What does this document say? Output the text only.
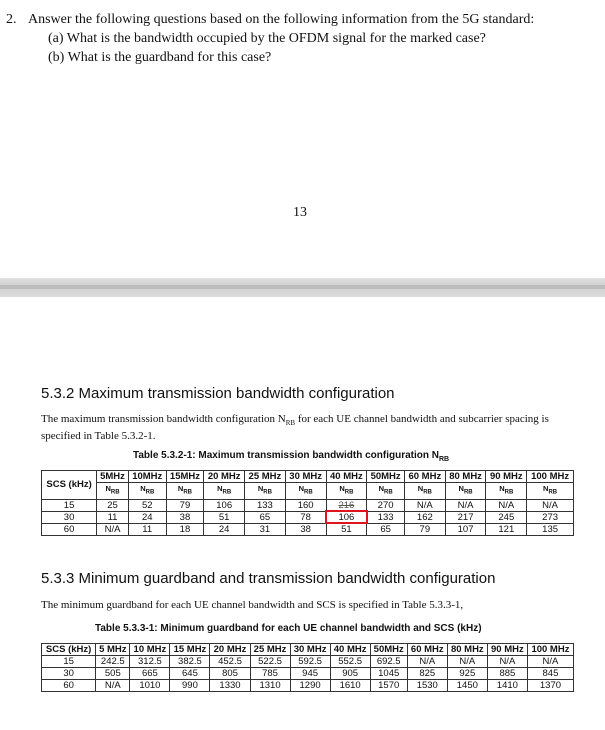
2. Answer the following questions based on the following information from the 5G standard:
(a) What is the bandwidth occupied by the OFDM signal for the marked case?
(b) What is the guardband for this case?
13
5.3.2 Maximum transmission bandwidth configuration
The maximum transmission bandwidth configuration $N_{RB}$ for each UE channel bandwidth and subcarrier spacing is specified in Table 5.3.2-1.
Table 5.3.2-1: Maximum transmission bandwidth configuration $N_{RB}$
SCS (kHz)	5MHz	10MHz	15MHz	20 MHz	25 MHz	30 MHz	40 MHz	50MHz	60 MHz	80 MHz	90 MHz	100 MHz
	$N_{RB}$	$N_{RB}$	$N_{RB}$	$N_{RB}$	$N_{RB}$	$N_{RB}$	$N_{RB}$	$N_{RB}$	$N_{RB}$	$N_{RB}$	$N_{RB}$	$N_{RB}$
15	25	52	79	106	133	160	216	270	N/A	N/A	N/A	N/A
30	11	24	38	51	65	78	106	133	162	217	245	273
60	N/A	11	18	24	31	38	51	65	79	107	121	135
5.3.3 Minimum guardband and transmission bandwidth configuration
The minimum guardband for each UE channel bandwidth and SCS is specified in Table 5.3.3-1,
Table 5.3.3-1: Minimum guardband for each UE channel bandwidth and SCS (kHz)
SCS (kHz)	5 MHz	10 MHz	15 MHz	20 MHz	25 MHz	30 MHz	40 MHz	50MHz	60 MHz	80 MHz	90 MHz	100 MHz
15	242.5	312.5	382.5	452.5	522.5	592.5	552.5	692.5	N/A	N/A	N/A	N/A
30	505	665	645	805	785	945	905	1045	825	925	885	845
60	N/A	1010	990	1330	1310	1290	1610	1570	1530	1450	1410	1370
